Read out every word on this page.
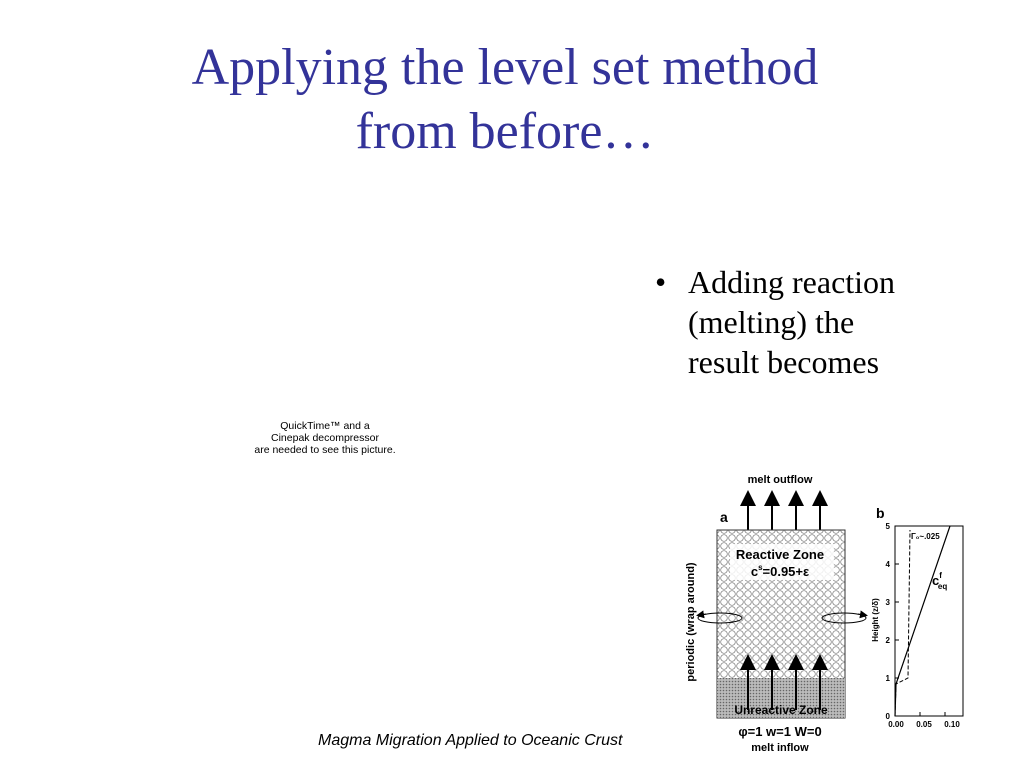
Applying the level set method
from before…
QuickTime™ and a
Cinepak decompressor
are needed to see this picture.
• Adding reaction
(melting) the
result becomes
a
melt outflow
Reactive Zone
$c^s=0.95+\varepsilon$
Unreactive Zone
periodic (wrap around)
φ=1 w=1 W=0
melt inflow
b
0
1
2
3
4
5
0.00 0.05 0.10
Height (z/δ)
Γ₀~.025
$c^f$ eq
Magma Migration Applied to Oceanic Crust
